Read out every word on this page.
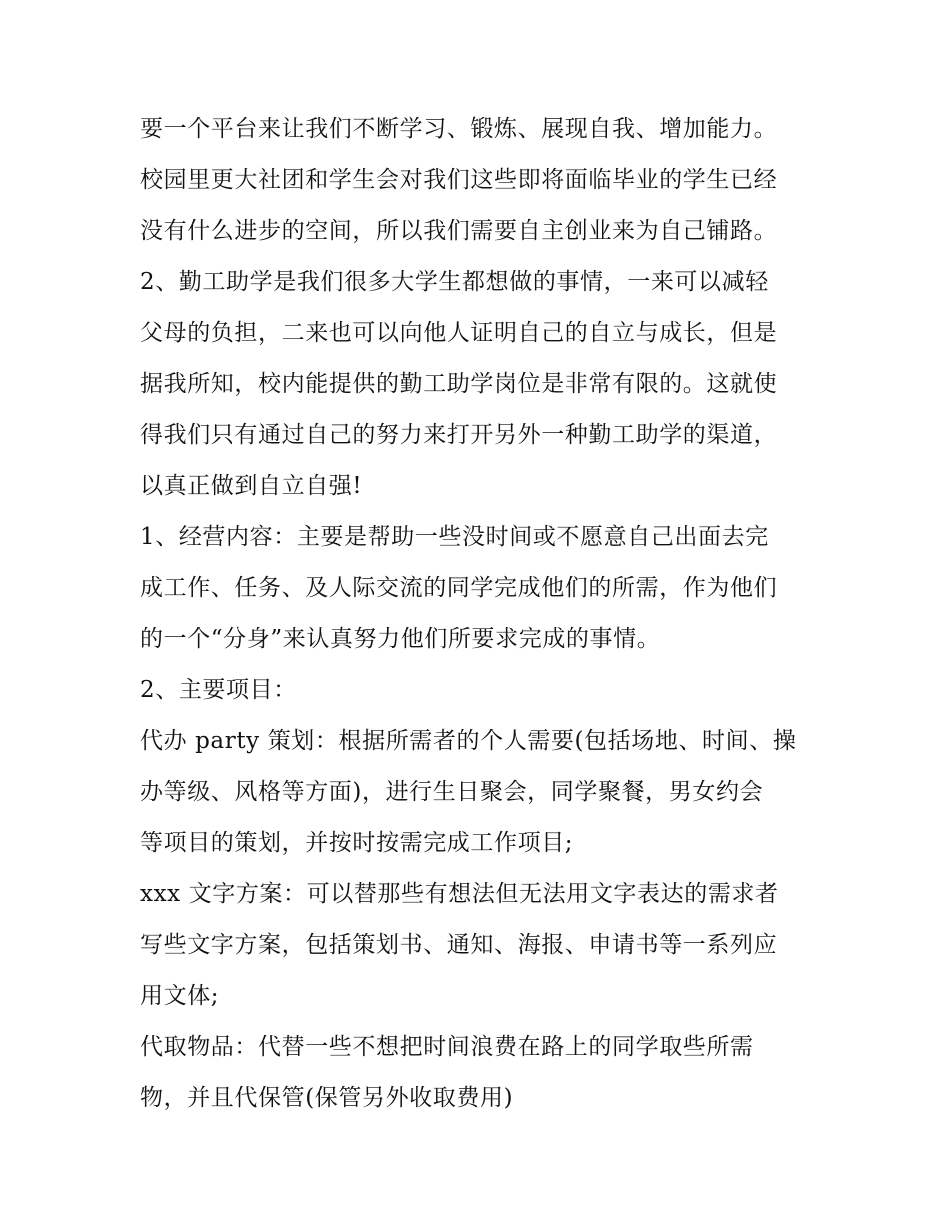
要一个平台来让我们不断学习、锻炼、展现自我、增加能力。
校园里更大社团和学生会对我们这些即将面临毕业的学生已经
没有什么进步的空间，所以我们需要自主创业来为自己铺路。
2、勤工助学是我们很多大学生都想做的事情，一来可以减轻
父母的负担，二来也可以向他人证明自己的自立与成长，但是
据我所知，校内能提供的勤工助学岗位是非常有限的。这就使
得我们只有通过自己的努力来打开另外一种勤工助学的渠道，
以真正做到自立自强!
1、经营内容：主要是帮助一些没时间或不愿意自己出面去完
成工作、任务、及人际交流的同学完成他们的所需，作为他们
的一个“分身”来认真努力他们所要求完成的事情。
2、主要项目：
代办 party 策划：根据所需者的个人需要(包括场地、时间、操
办等级、风格等方面)，进行生日聚会，同学聚餐，男女约会
等项目的策划，并按时按需完成工作项目;
xxx 文字方案：可以替那些有想法但无法用文字表达的需求者
写些文字方案，包括策划书、通知、海报、申请书等一系列应
用文体;
代取物品：代替一些不想把时间浪费在路上的同学取些所需
物，并且代保管(保管另外收取费用)
